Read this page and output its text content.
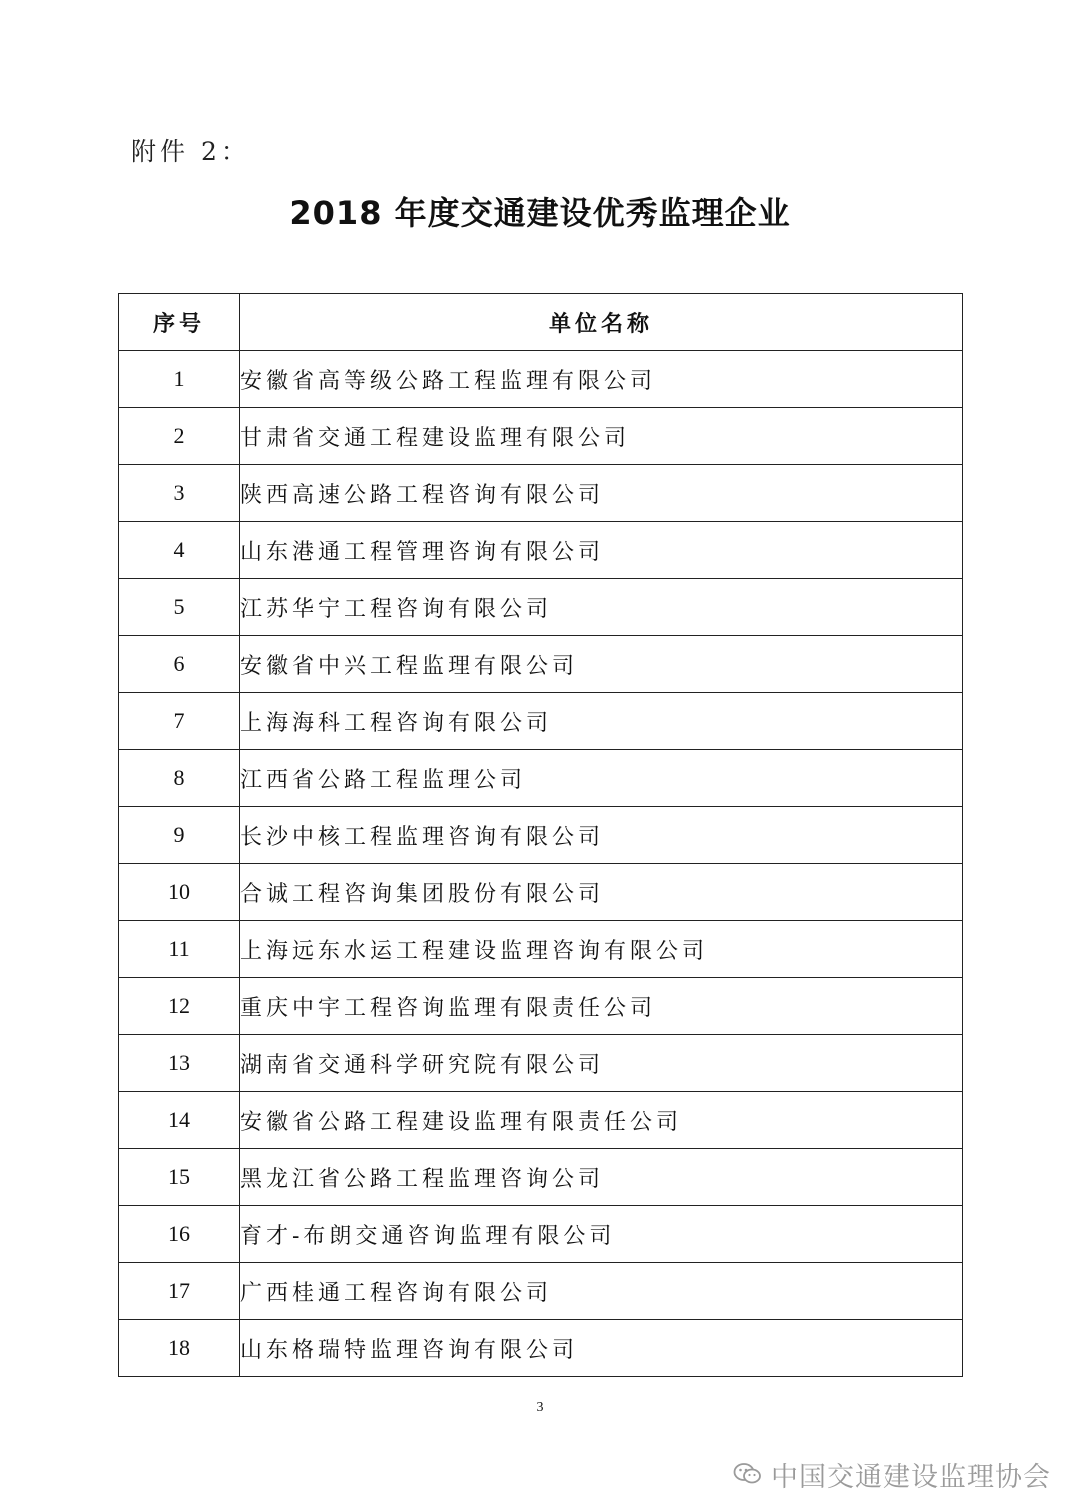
附件 2：
2018 年度交通建设优秀监理企业
序号	单位名称
1	安徽省高等级公路工程监理有限公司
2	甘肃省交通工程建设监理有限公司
3	陕西高速公路工程咨询有限公司
4	山东港通工程管理咨询有限公司
5	江苏华宁工程咨询有限公司
6	安徽省中兴工程监理有限公司
7	上海海科工程咨询有限公司
8	江西省公路工程监理公司
9	长沙中核工程监理咨询有限公司
10	合诚工程咨询集团股份有限公司
11	上海远东水运工程建设监理咨询有限公司
12	重庆中宇工程咨询监理有限责任公司
13	湖南省交通科学研究院有限公司
14	安徽省公路工程建设监理有限责任公司
15	黑龙江省公路工程监理咨询公司
16	育才-布朗交通咨询监理有限公司
17	广西桂通工程咨询有限公司
18	山东格瑞特监理咨询有限公司
3
中国交通建设监理协会
